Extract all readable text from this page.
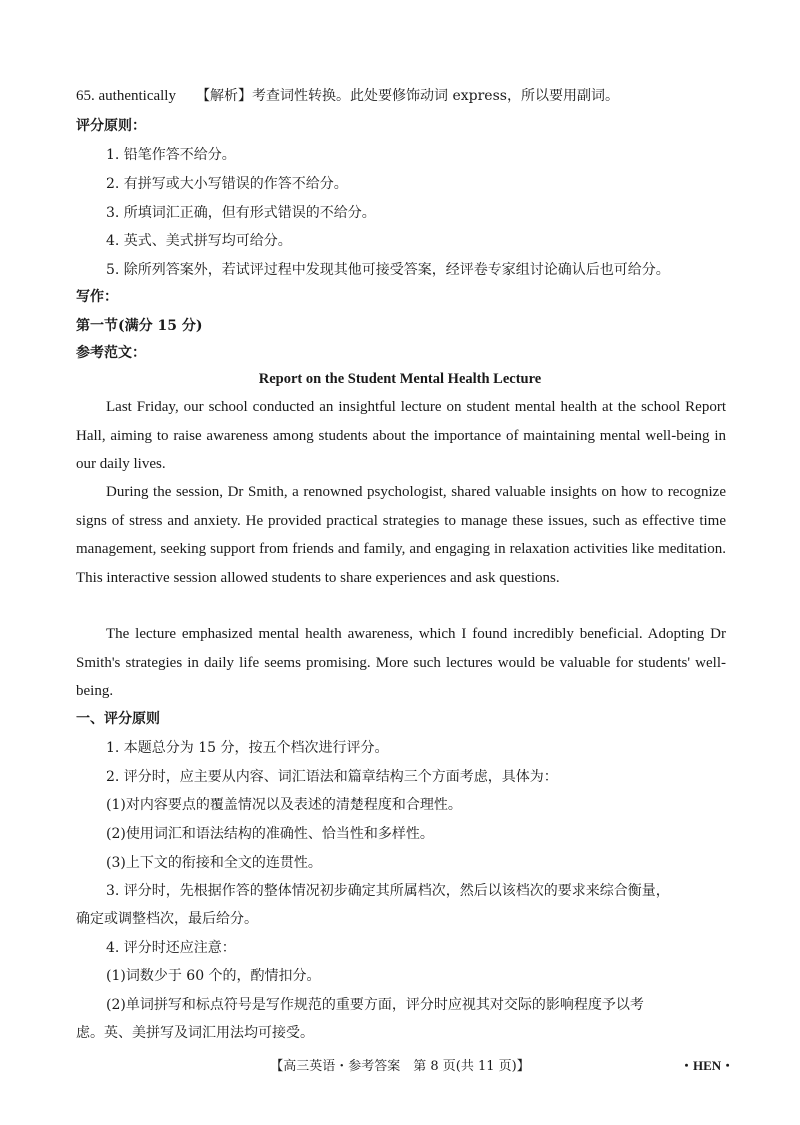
65. authentically 【解析】考查词性转换。此处要修饰动词 express，所以要用副词。
评分原则：
1. 铅笔作答不给分。
2. 有拼写或大小写错误的作答不给分。
3. 所填词汇正确，但有形式错误的不给分。
4. 英式、美式拼写均可给分。
5. 除所列答案外，若试评过程中发现其他可接受答案，经评卷专家组讨论确认后也可给分。
写作：
第一节(满分 15 分)
参考范文：
Report on the Student Mental Health Lecture
Last Friday, our school conducted an insightful lecture on student mental health at the school Report Hall, aiming to raise awareness among students about the importance of maintaining mental well-being in our daily lives.
During the session, Dr Smith, a renowned psychologist, shared valuable insights on how to recognize signs of stress and anxiety. He provided practical strategies to manage these issues, such as effective time management, seeking support from friends and family, and engaging in relaxation activities like meditation. This interactive session allowed students to share experiences and ask questions.
The lecture emphasized mental health awareness, which I found incredibly beneficial. Adopting Dr Smith's strategies in daily life seems promising. More such lectures would be valuable for students' well-being.
一、评分原则
1. 本题总分为 15 分，按五个档次进行评分。
2. 评分时，应主要从内容、词汇语法和篇章结构三个方面考虑，具体为：
(1)对内容要点的覆盖情况以及表述的清楚程度和合理性。
(2)使用词汇和语法结构的准确性、恰当性和多样性。
(3)上下文的衔接和全文的连贯性。
3. 评分时，先根据作答的整体情况初步确定其所属档次，然后以该档次的要求来综合衡量，
确定或调整档次，最后给分。
4. 评分时还应注意：
(1)词数少于 60 个的，酌情扣分。
(2)单词拼写和标点符号是写作规范的重要方面，评分时应视其对交际的影响程度予以考
虑。英、美拼写及词汇用法均可接受。
【高三英语・参考答案　第 8 页(共 11 页)】	・HEN・
